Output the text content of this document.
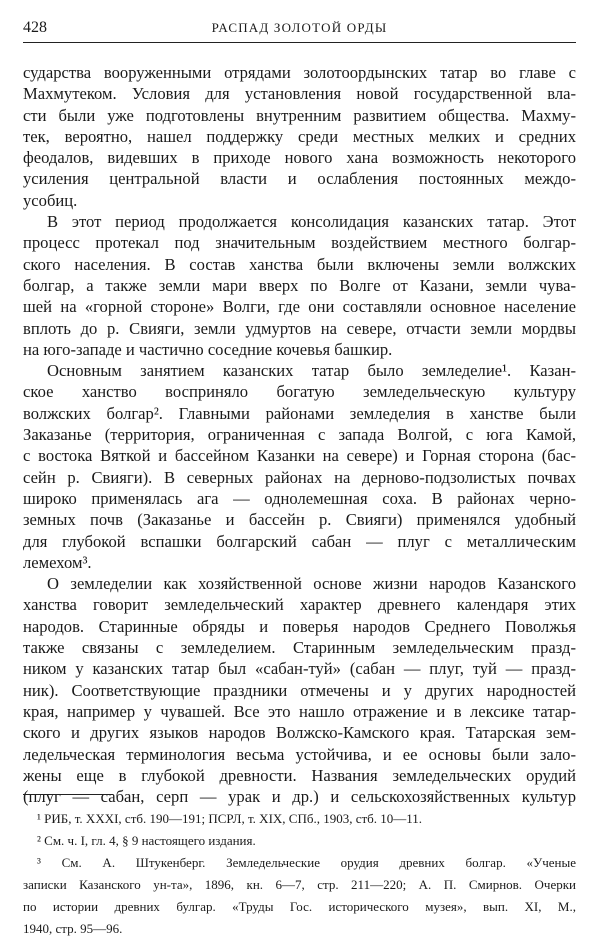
428	РАСПАД ЗОЛОТОЙ ОРДЫ

сударства вооруженными отрядами золотоордынских татар во главе с
Махмутеком. Условия для установления новой государственной вла-
сти были уже подготовлены внутренним развитием общества. Махму-
тек, вероятно, нашел поддержку среди местных мелких и средних
феодалов, видевших в приходе нового хана возможность некоторого
усиления центральной власти и ослабления постоянных междо-
усобиц.

В этот период продолжается консолидация казанских татар. Этот
процесс протекал под значительным воздействием местного болгар-
ского населения. В состав ханства были включены земли волжских
болгар, а также земли мари вверх по Волге от Казани, земли чува-
шей на «горной стороне» Волги, где они составляли основное население
вплоть до р. Свияги, земли удмуртов на севере, отчасти земли мордвы
на юго-западе и частично соседние кочевья башкир.

Основным занятием казанских татар было земледелие¹. Казан-
ское ханство восприняло богатую земледельческую культуру
волжских болгар². Главными районами земледелия в ханстве были
Заказанье (территория, ограниченная с запада Волгой, с юга Камой,
с востока Вяткой и бассейном Казанки на севере) и Горная сторона (бас-
сейн р. Свияги). В северных районах на дерново-подзолистых почвах
широко применялась ага — однолемешная соха. В районах черно-
земных почв (Заказанье и бассейн р. Свияги) применялся удобный
для глубокой вспашки болгарский сабан — плуг с металлическим
лемехом³.

О земледелии как хозяйственной основе жизни народов Казанского
ханства говорит земледельческий характер древнего календаря этих
народов. Старинные обряды и поверья народов Среднего Поволжья
также связаны с земледелием. Старинным земледельческим празд-
ником у казанских татар был «сабан-туй» (сабан — плуг, туй — празд-
ник). Соответствующие праздники отмечены и у других народностей
края, например у чувашей. Все это нашло отражение и в лексике татар-
ского и других языков народов Волжско-Камского края. Татарская зем-
ледельческая терминология весьма устойчива, и ее основы были зало-
жены еще в глубокой древности. Названия земледельческих орудий
(плуг — сабан, серп — урак и др.) и сельскохозяйственных культур

¹ РИБ, т. XXXI, стб. 190—191; ПСРЛ, т. XIX, СПб., 1903, стб. 10—11.
² См. ч. I, гл. 4, § 9 настоящего издания.
³ См. А. Штукенберг. Земледельческие орудия древних болгар. «Ученые
записки Казанского ун-та», 1896, кн. 6—7, стр. 211—220; А. П. Смирнов. Очерки
по истории древних булгар. «Труды Гос. исторического музея», вып. XI, М.,
1940, стр. 95—96.
